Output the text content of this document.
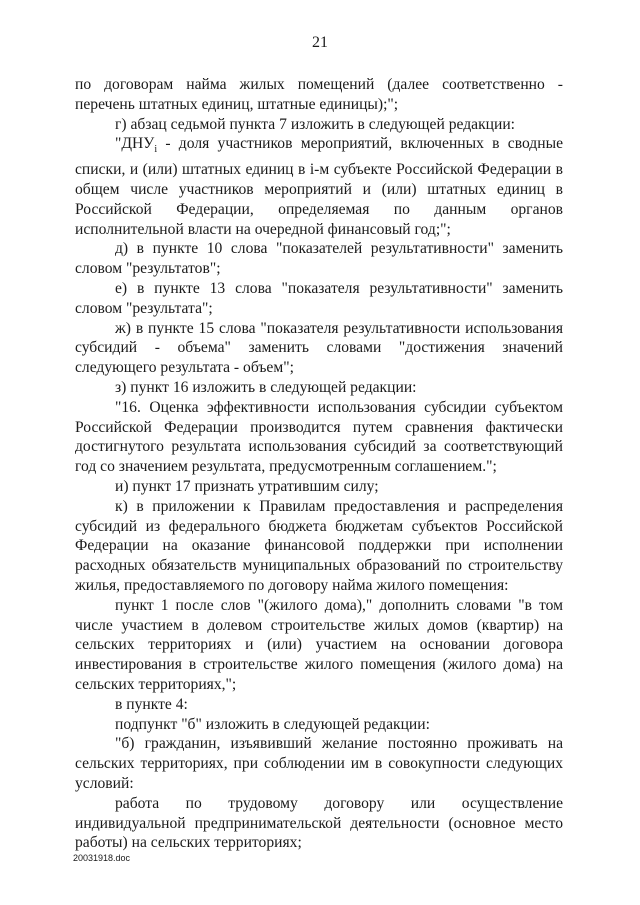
21

по договорам найма жилых помещений (далее соответственно - перечень штатных единиц, штатные единицы);";

г) абзац седьмой пункта 7 изложить в следующей редакции:

"$ДНУ_i$ - доля участников мероприятий, включенных в сводные списки, и (или) штатных единиц в i-м субъекте Российской Федерации в общем числе участников мероприятий и (или) штатных единиц в Российской Федерации, определяемая по данным органов исполнительной власти на очередной финансовый год;";

д) в пункте 10 слова "показателей результативности" заменить словом "результатов";

е) в пункте 13 слова "показателя результативности" заменить словом "результата";

ж) в пункте 15 слова "показателя результативности использования субсидий - объема" заменить словами "достижения значений следующего результата - объем";

з) пункт 16 изложить в следующей редакции:

"16. Оценка эффективности использования субсидии субъектом Российской Федерации производится путем сравнения фактически достигнутого результата использования субсидий за соответствующий год со значением результата, предусмотренным соглашением.";

и) пункт 17 признать утратившим силу;

к) в приложении к Правилам предоставления и распределения субсидий из федерального бюджета бюджетам субъектов Российской Федерации на оказание финансовой поддержки при исполнении расходных обязательств муниципальных образований по строительству жилья, предоставляемого по договору найма жилого помещения:

пункт 1 после слов "(жилого дома)," дополнить словами "в том числе участием в долевом строительстве жилых домов (квартир) на сельских территориях и (или) участием на основании договора инвестирования в строительстве жилого помещения (жилого дома) на сельских территориях,";

в пункте 4:

подпункт "б" изложить в следующей редакции:

"б) гражданин, изъявивший желание постоянно проживать на сельских территориях, при соблюдении им в совокупности следующих условий:

работа по трудовому договору или осуществление индивидуальной предпринимательской деятельности (основное место работы) на сельских территориях;

20031918.doc
